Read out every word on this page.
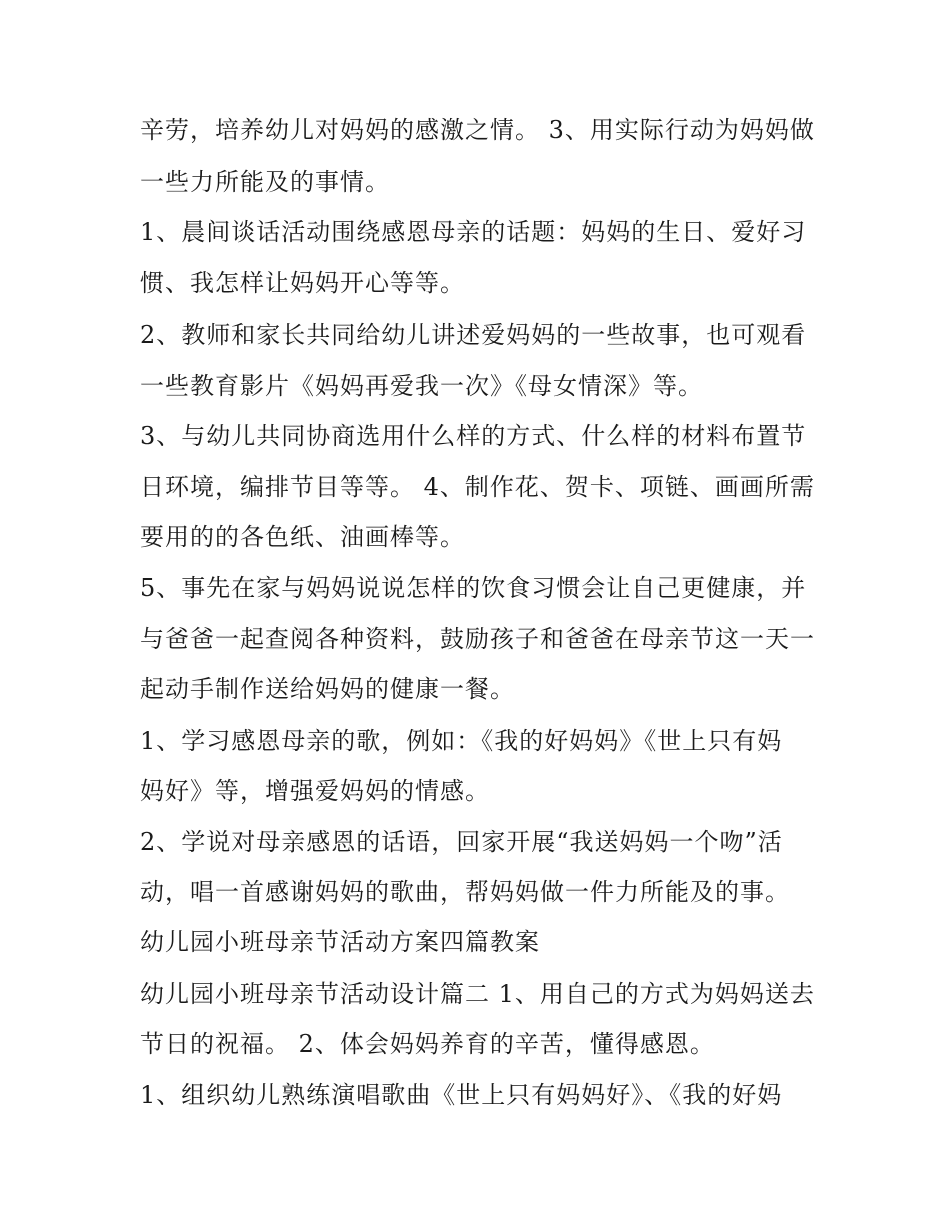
辛劳，培养幼儿对妈妈的感激之情。 3、用实际行动为妈妈做
一些力所能及的事情。
1、晨间谈话活动围绕感恩母亲的话题：妈妈的生日、爱好习
惯、我怎样让妈妈开心等等。
2、教师和家长共同给幼儿讲述爱妈妈的一些故事，也可观看
一些教育影片《妈妈再爱我一次》《母女情深》等。
3、与幼儿共同协商选用什么样的方式、什么样的材料布置节
日环境，编排节目等等。 4、制作花、贺卡、项链、画画所需
要用的的各色纸、油画棒等。
5、事先在家与妈妈说说怎样的饮食习惯会让自己更健康，并
与爸爸一起查阅各种资料，鼓励孩子和爸爸在母亲节这一天一
起动手制作送给妈妈的健康一餐。
1、学习感恩母亲的歌，例如：《我的好妈妈》《世上只有妈
妈好》等，增强爱妈妈的情感。
2、学说对母亲感恩的话语，回家开展“我送妈妈一个吻”活
动，唱一首感谢妈妈的歌曲，帮妈妈做一件力所能及的事。
幼儿园小班母亲节活动方案四篇教案
幼儿园小班母亲节活动设计篇二 1、用自己的方式为妈妈送去
节日的祝福。 2、体会妈妈养育的辛苦，懂得感恩。
1、组织幼儿熟练演唱歌曲《世上只有妈妈好》、《我的好妈
